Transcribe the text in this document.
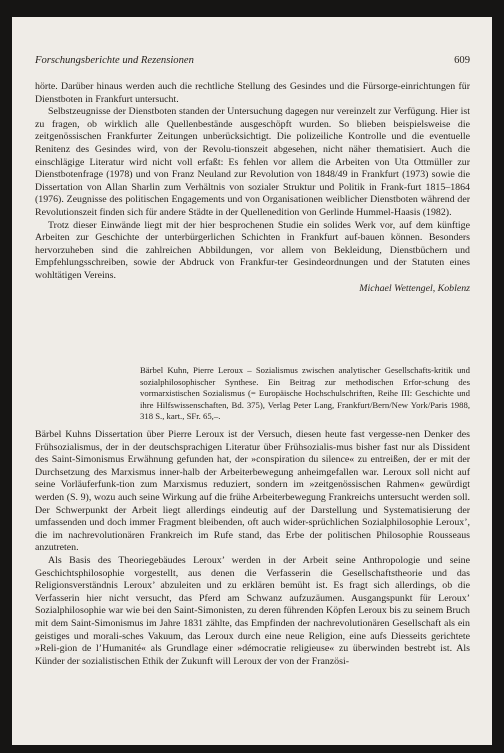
Forschungsberichte und Rezensionen	609

hörte. Darüber hinaus werden auch die rechtliche Stellung des Gesindes und die Fürsorge-einrichtungen für Dienstboten in Frankfurt untersucht.

Selbstzeugnisse der Dienstboten standen der Untersuchung dagegen nur vereinzelt zur Verfügung. Hier ist zu fragen, ob wirklich alle Quellenbestände ausgeschöpft wurden. So blieben beispielsweise die zeitgenössischen Frankfurter Zeitungen unberücksichtigt. Die polizeiliche Kontrolle und die eventuelle Renitenz des Gesindes wird, von der Revolu-tionszeit abgesehen, nicht näher thematisiert. Auch die einschlägige Literatur wird nicht voll erfaßt: Es fehlen vor allem die Arbeiten von Uta Ottmüller zur Dienstbotenfrage (1978) und von Franz Neuland zur Revolution von 1848/49 in Frankfurt (1973) sowie die Dissertation von Allan Sharlin zum Verhältnis von sozialer Struktur und Politik in Frank-furt 1815–1864 (1976). Zeugnisse des politischen Engagements und von Organisationen weiblicher Dienstboten während der Revolutionszeit finden sich für andere Städte in der Quellenedition von Gerlinde Hummel-Haasis (1982).

Trotz dieser Einwände liegt mit der hier besprochenen Studie ein solides Werk vor, auf dem künftige Arbeiten zur Geschichte der unterbürgerlichen Schichten in Frankfurt auf-bauen können. Besonders hervorzuheben sind die zahlreichen Abbildungen, vor allem von Bekleidung, Dienstbüchern und Empfehlungsschreiben, sowie der Abdruck von Frankfur-ter Gesindeordnungen und der Statuten eines wohltätigen Vereins.

Michael Wettengel, Koblenz

Bärbel Kuhn, Pierre Leroux – Sozialismus zwischen analytischer Gesellschafts-kritik und sozialphilosophischer Synthese. Ein Beitrag zur methodischen Erfor-schung des vormarxistischen Sozialismus (= Europäische Hochschulschriften, Reihe III: Geschichte und ihre Hilfswissenschaften, Bd. 375), Verlag Peter Lang, Frankfurt/Bern/New York/Paris 1988, 318 S., kart., SFr. 65,–.

Bärbel Kuhns Dissertation über Pierre Leroux ist der Versuch, diesen heute fast vergesse-nen Denker des Frühsozialismus, der in der deutschsprachigen Literatur über Frühsozialis-mus bisher fast nur als Dissident des Saint-Simonismus Erwähnung gefunden hat, der »conspiration du silence« zu entreißen, der er mit der Durchsetzung des Marxismus inner-halb der Arbeiterbewegung anheimgefallen war. Leroux soll nicht auf seine Vorläuferfunk-tion zum Marxismus reduziert, sondern im »zeitgenössischen Rahmen« gewürdigt werden (S. 9), wozu auch seine Wirkung auf die frühe Arbeiterbewegung Frankreichs untersucht werden soll. Der Schwerpunkt der Arbeit liegt allerdings eindeutig auf der Darstellung und Systematisierung der umfassenden und doch immer Fragment bleibenden, oft auch wider-sprüchlichen Sozialphilosophie Leroux’, die im nachrevolutionären Frankreich im Rufe stand, das Erbe der politischen Philosophie Rousseaus anzutreten.

Als Basis des Theoriegebäudes Leroux’ werden in der Arbeit seine Anthropologie und seine Geschichtsphilosophie vorgestellt, aus denen die Verfasserin die Gesellschaftstheorie und das Religionsverständnis Leroux’ abzuleiten und zu erklären bemüht ist. Es fragt sich allerdings, ob die Verfasserin hier nicht versucht, das Pferd am Schwanz aufzuzäumen. Ausgangspunkt für Leroux’ Sozialphilosophie war wie bei den Saint-Simonisten, zu deren führenden Köpfen Leroux bis zu seinem Bruch mit dem Saint-Simonismus im Jahre 1831 zählte, das Empfinden der nachrevolutionären Gesellschaft als ein geistiges und morali-sches Vakuum, das Leroux durch eine neue Religion, eine aufs Diesseits gerichtete »Reli-gion de l’Humanité« als Grundlage einer »démocratie religieuse« zu überwinden bestrebt ist. Als Künder der sozialistischen Ethik der Zukunft will Leroux der von der Französi-
